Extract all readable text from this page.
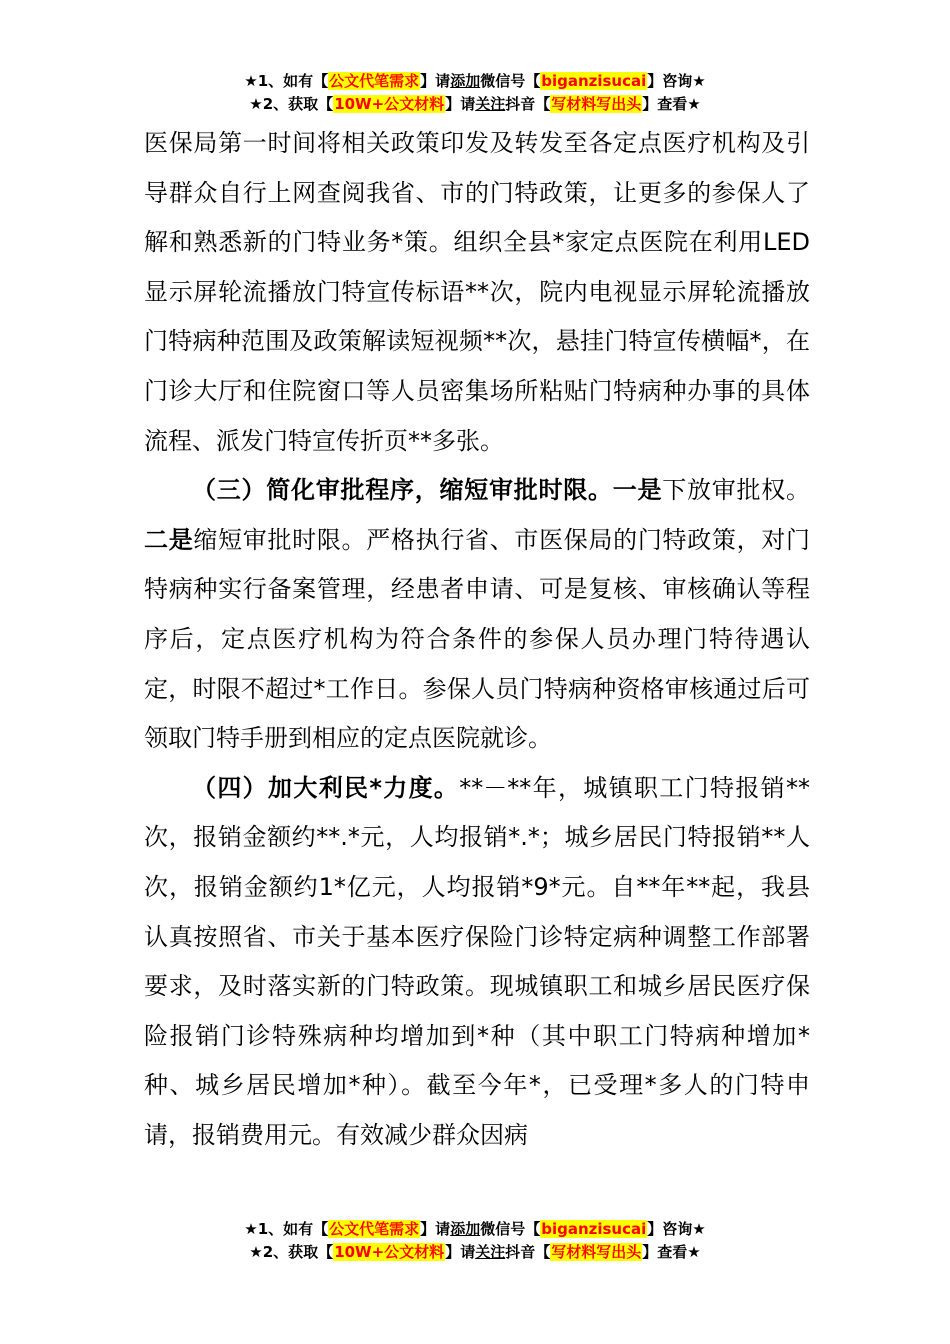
★1、如有【公文代笔需求】请添加微信号【biganzisucai】咨询★
★2、获取【10W+公文材料】请关注抖音【写材料写出头】查看★

医保局第一时间将相关政策印发及转发至各定点医疗机构及引导群众自行上网查阅我省、市的门特政策，让更多的参保人了解和熟悉新的门特业务*策。组织全县*家定点医院在利用LED显示屏轮流播放门特宣传标语**次，院内电视显示屏轮流播放门特病种范围及政策解读短视频**次，悬挂门特宣传横幅*，在门诊大厅和住院窗口等人员密集场所粘贴门特病种办事的具体流程、派发门特宣传折页**多张。

（三）简化审批程序，缩短审批时限。一是下放审批权。二是缩短审批时限。严格执行省、市医保局的门特政策，对门特病种实行备案管理，经患者申请、可是复核、审核确认等程序后，定点医疗机构为符合条件的参保人员办理门特待遇认定，时限不超过*工作日。参保人员门特病种资格审核通过后可领取门特手册到相应的定点医院就诊。

（四）加大利民*力度。**－**年，城镇职工门特报销**次，报销金额约**.*元，人均报销*.*；城乡居民门特报销**人次，报销金额约1*亿元，人均报销*9*元。自**年**起，我县认真按照省、市关于基本医疗保险门诊特定病种调整工作部署要求，及时落实新的门特政策。现城镇职工和城乡居民医疗保险报销门诊特殊病种均增加到*种（其中职工门特病种增加*种、城乡居民增加*种）。截至今年*，已受理*多人的门特申请，报销费用元。有效减少群众因病

★1、如有【公文代笔需求】请添加微信号【biganzisucai】咨询★
★2、获取【10W+公文材料】请关注抖音【写材料写出头】查看★
